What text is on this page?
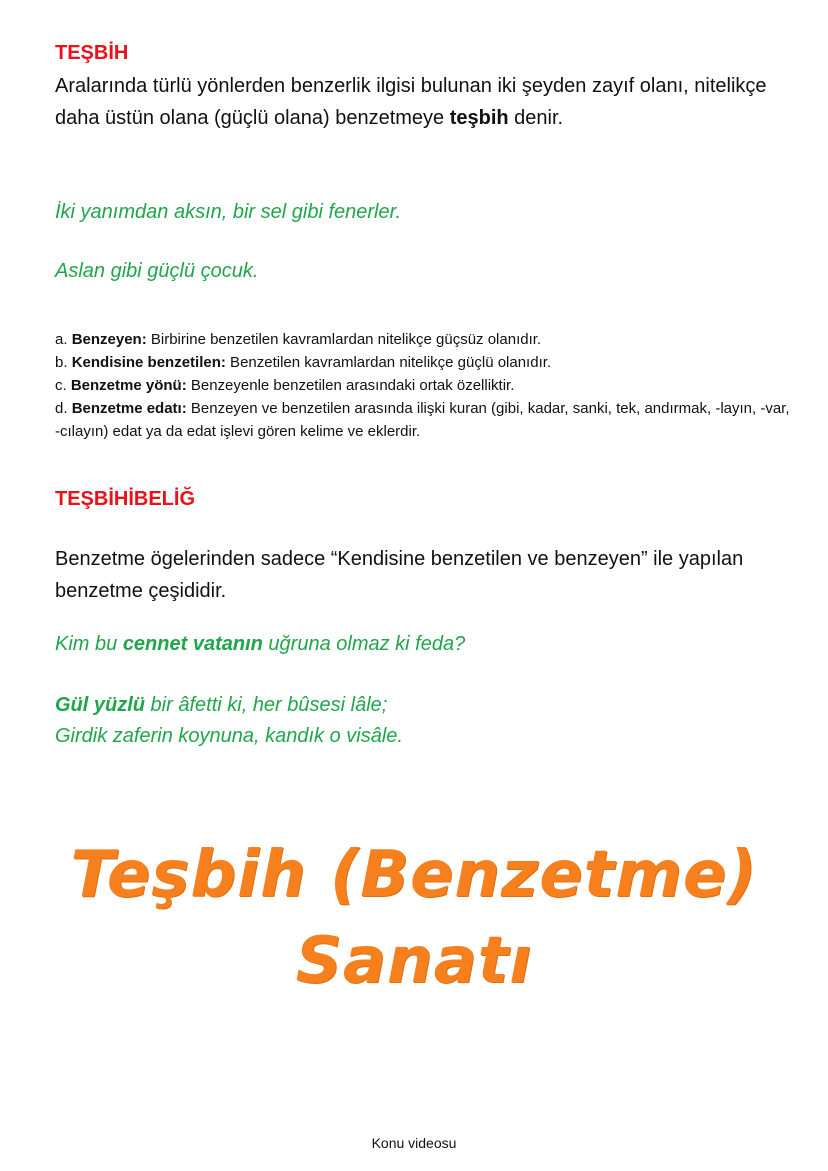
TEŞBİH
Aralarında türlü yönlerden benzerlik ilgisi bulunan iki şeyden zayıf olanı, nitelikçe daha üstün olana (güçlü olana) benzetmeye teşbih denir.
İki yanımdan aksın, bir sel gibi fenerler.
Aslan gibi güçlü çocuk.
a. Benzeyen: Birbirine benzetilen kavramlardan nitelikçe güçsüz olanıdır.
b. Kendisine benzetilen: Benzetilen kavramlardan nitelikçe güçlü olanıdır.
c. Benzetme yönü: Benzeyenle benzetilen arasındaki ortak özelliktir.
d. Benzetme edatı: Benzeyen ve benzetilen arasında ilişki kuran (gibi, kadar, sanki, tek, andırmak, -layın, -var, -cılayın) edat ya da edat işlevi gören kelime ve eklerdir.
TEŞBİHİBELİĞ
Benzetme ögelerinden sadece “Kendisine benzetilen ve benzeyen” ile yapılan benzetme çeşididir.
Kim bu cennet vatanın uğruna olmaz ki feda?
Gül yüzlü bir âfetti ki, her bûsesi lâle;
Girdik zaferin koynuna, kandık o visâle.
Teşbih (Benzetme)
Sanatı
Konu videosu
